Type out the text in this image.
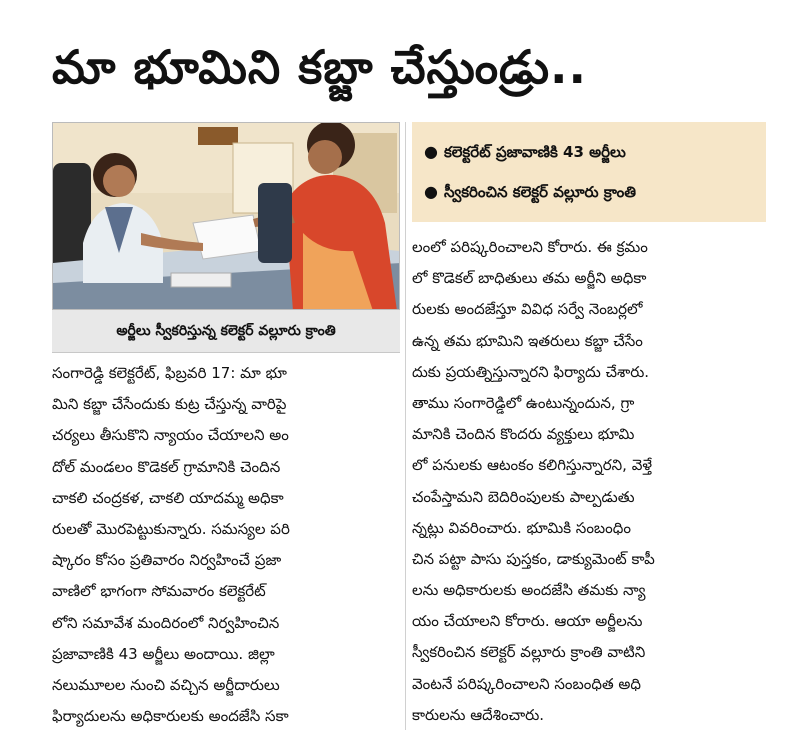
మా భూమిని కబ్జా చేస్తుండ్రు..
అర్జీలు స్వీకరిస్తున్న కలెక్టర్ వల్లూరు క్రాంతి
● కలెక్టరేట్ ప్రజావాణికి 43 అర్జీలు
● స్వీకరించిన కలెక్టర్ వల్లూరు క్రాంతి
సంగారెడ్డి కలెక్టరేట్, ఫిబ్రవరి 17: మా భూ
మిని కబ్జా చేసేందుకు కుట్ర చేస్తున్న వారిపై
చర్యలు తీసుకొని న్యాయం చేయాలని అం
దోల్ మండలం కొడెకల్ గ్రామానికి చెందిన
చాకలి చంద్రకళ, చాకలి యాదమ్మ అధికా
రులతో మొరపెట్టుకున్నారు. సమస్యల పరి
ష్కారం కోసం ప్రతివారం నిర్వహించే ప్రజా
వాణిలో భాగంగా సోమవారం కలెక్టరేట్
లోని సమావేశ మందిరంలో నిర్వహించిన
ప్రజావాణికి 43 అర్జీలు అందాయి. జిల్లా
నలుమూలల నుంచి వచ్చిన అర్జీదారులు
ఫిర్యాదులను అధికారులకు అందజేసి సకా
లంలో పరిష్కరించాలని కోరారు. ఈ క్రమం
లో కొడెకల్ బాధితులు తమ అర్జీని అధికా
రులకు అందజేస్తూ వివిధ సర్వే నెంబర్లలో
ఉన్న తమ భూమిని ఇతరులు కబ్జా చేసేం
దుకు ప్రయత్నిస్తున్నారని ఫిర్యాదు చేశారు.
తాము సంగారెడ్డిలో ఉంటున్నందున, గ్రా
మానికి చెందిన కొందరు వ్యక్తులు భూమి
లో పనులకు ఆటంకం కలిగిస్తున్నారని, వెళ్తే
చంపేస్తామని బెదిరింపులకు పాల్పడుతు
న్నట్లు వివరించారు. భూమికి సంబంధిం
చిన పట్టా పాసు పుస్తకం, డాక్యుమెంట్ కాపీ
లను అధికారులకు అందజేసి తమకు న్యా
యం చేయాలని కోరారు. ఆయా అర్జీలను
స్వీకరించిన కలెక్టర్ వల్లూరు క్రాంతి వాటిని
వెంటనే పరిష్కరించాలని సంబంధిత అధి
కారులను ఆదేశించారు.
